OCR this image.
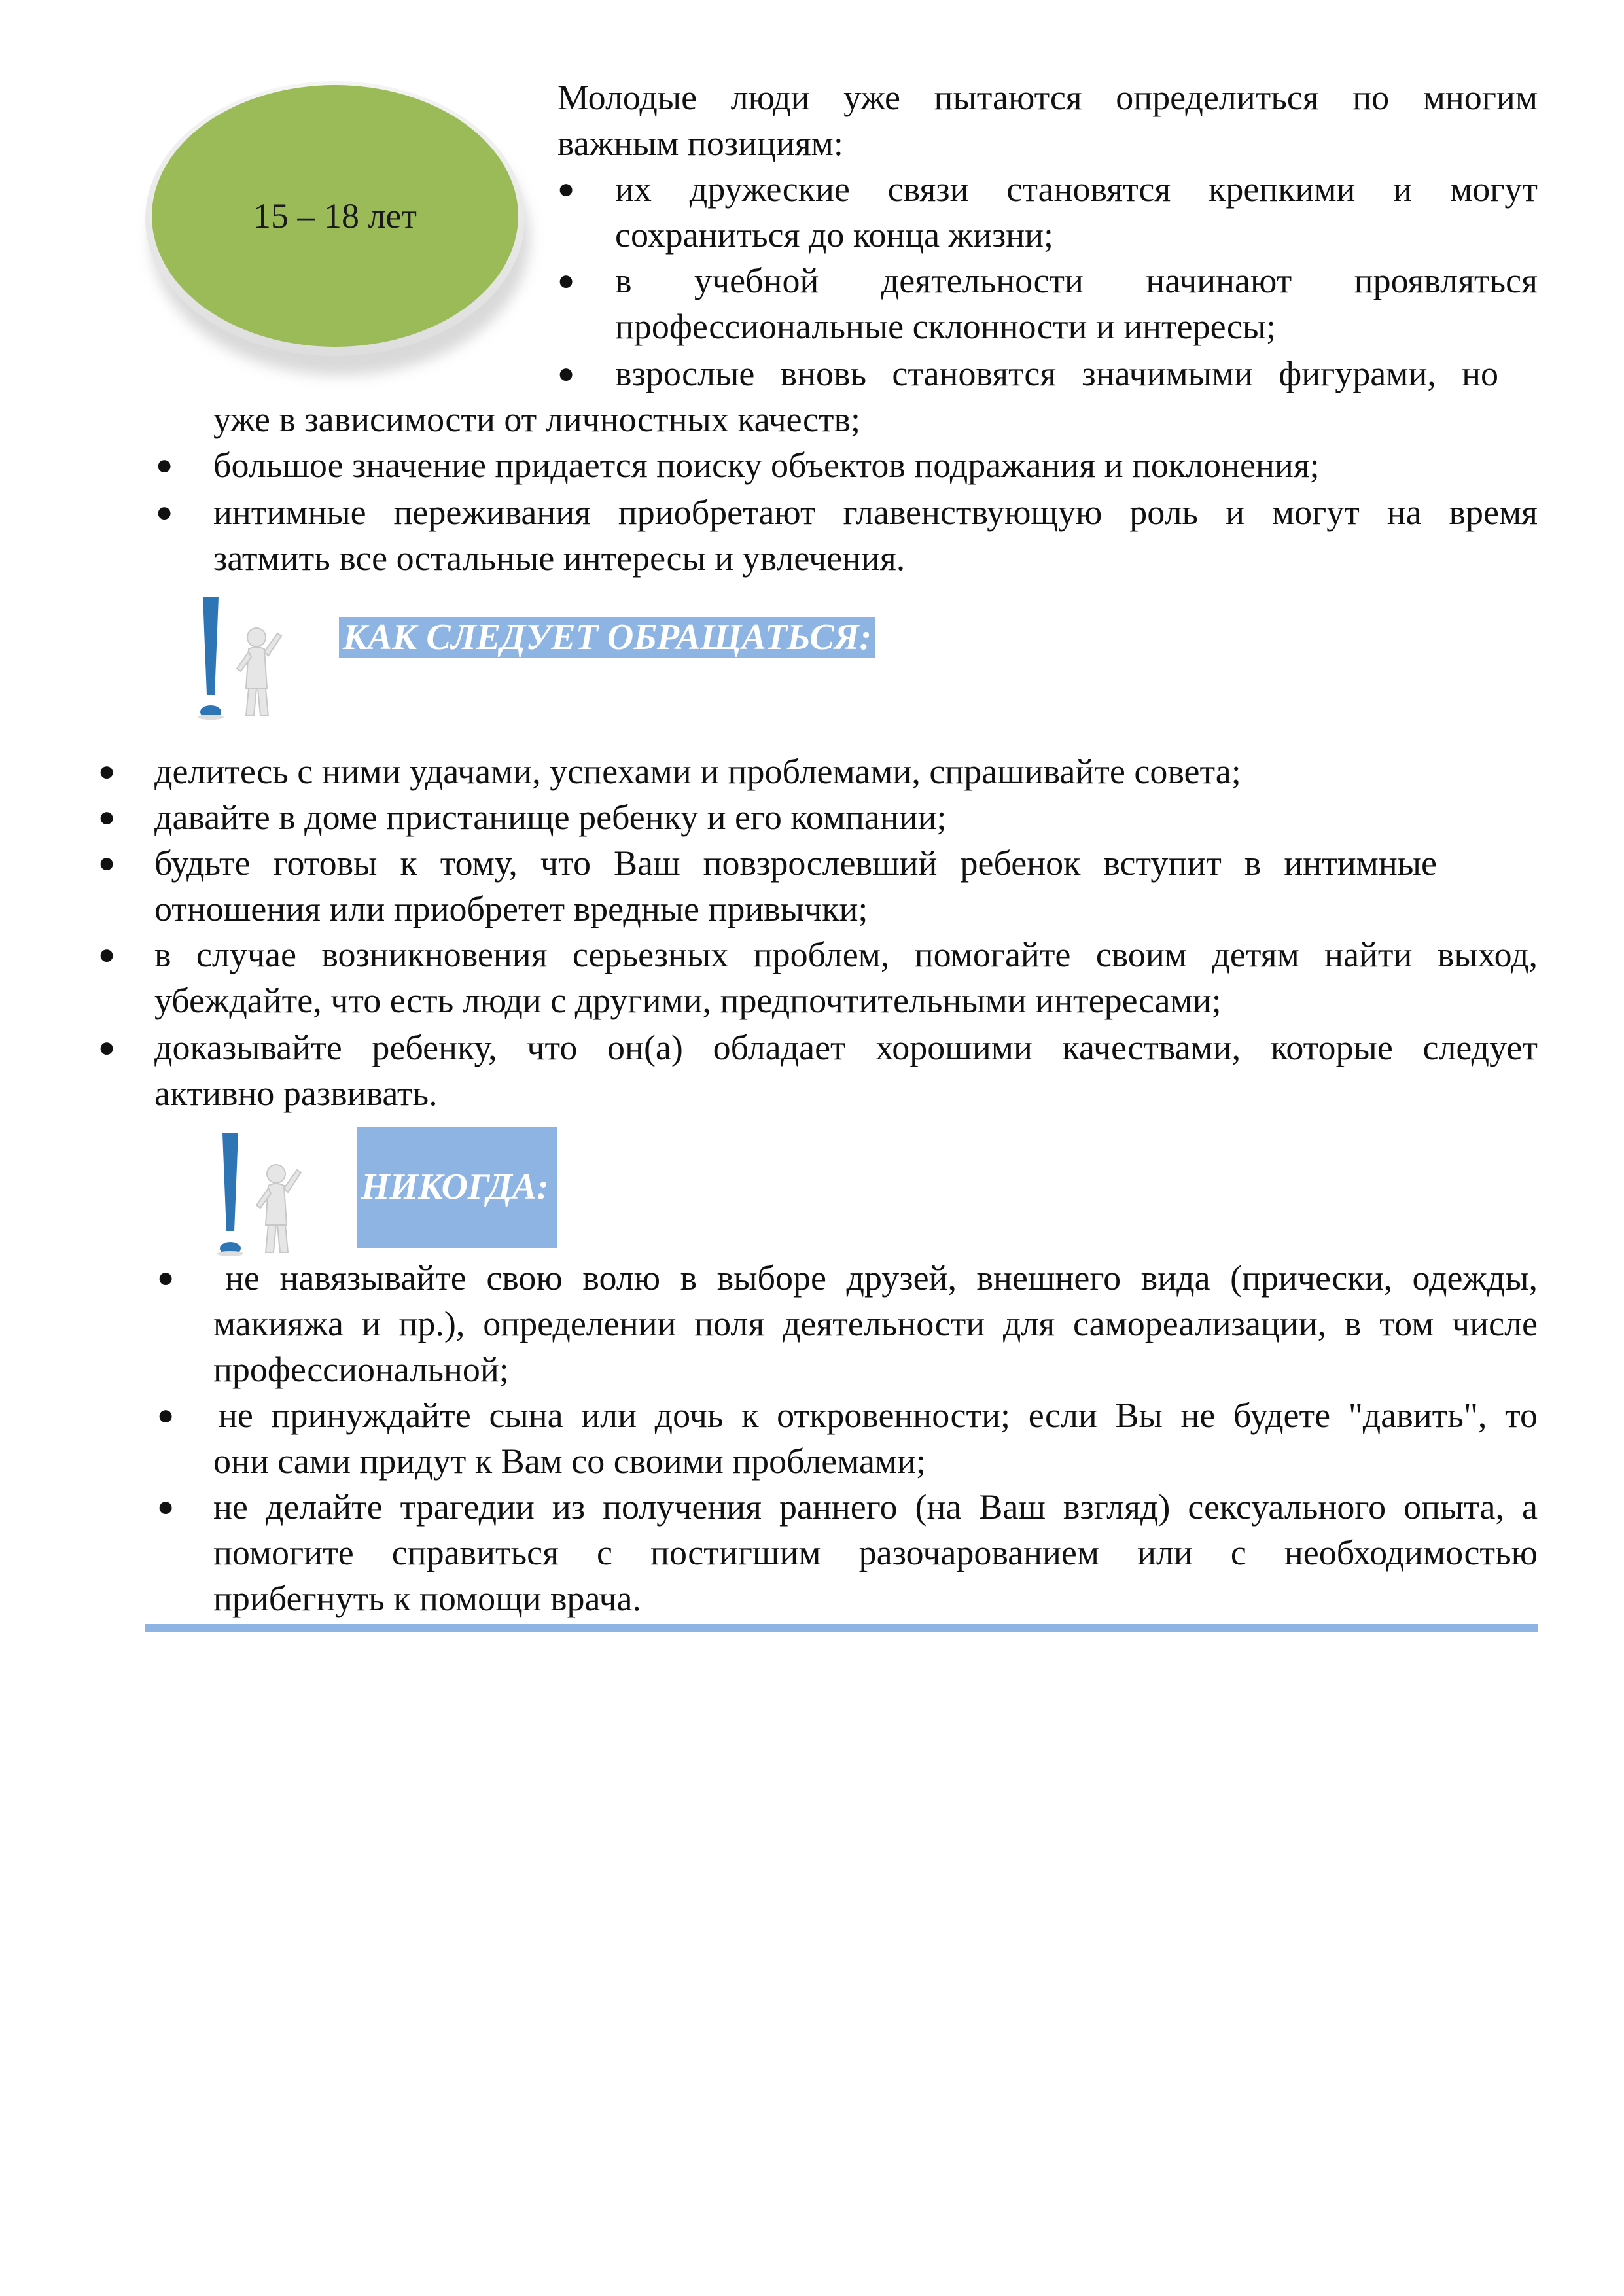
15 – 18 лет
Молодые люди уже пытаются определиться по многим
важным позициям:
● их дружеские связи становятся крепкими и могут
сохраниться до конца жизни;
● в учебной деятельности начинают проявляться
профессиональные склонности и интересы;
● взрослые вновь становятся значимыми фигурами, но
уже в зависимости от личностных качеств;
● большое значение придается поиску объектов подражания и поклонения;
● интимные переживания приобретают главенствующую роль и могут на время
затмить все остальные интересы и увлечения.
КАК СЛЕДУЕТ ОБРАЩАТЬСЯ:
● делитесь с ними удачами, успехами и проблемами, спрашивайте совета;
● давайте в доме пристанище ребенку и его компании;
● будьте готовы к тому, что Ваш повзрослевший ребенок вступит в интимные
отношения или приобретет вредные привычки;
● в случае возникновения серьезных проблем, помогайте своим детям найти выход,
убеждайте, что есть люди с другими, предпочтительными интересами;
● доказывайте ребенку, что он(а) обладает хорошими качествами, которые следует
активно развивать.
НИКОГДА:
●	не навязывайте свою волю в выборе друзей, внешнего вида (прически, одежды,
макияжа и пр.), определении поля деятельности для самореализации, в том числе
профессиональной;
● не принуждайте сына или дочь к откровенности; если Вы не будете "давить", то
они сами придут к Вам со своими проблемами;
● не делайте трагедии из получения раннего (на Ваш взгляд) сексуального опыта, а
помогите справиться с постигшим разочарованием или с необходимостью
прибегнуть к помощи врача.
